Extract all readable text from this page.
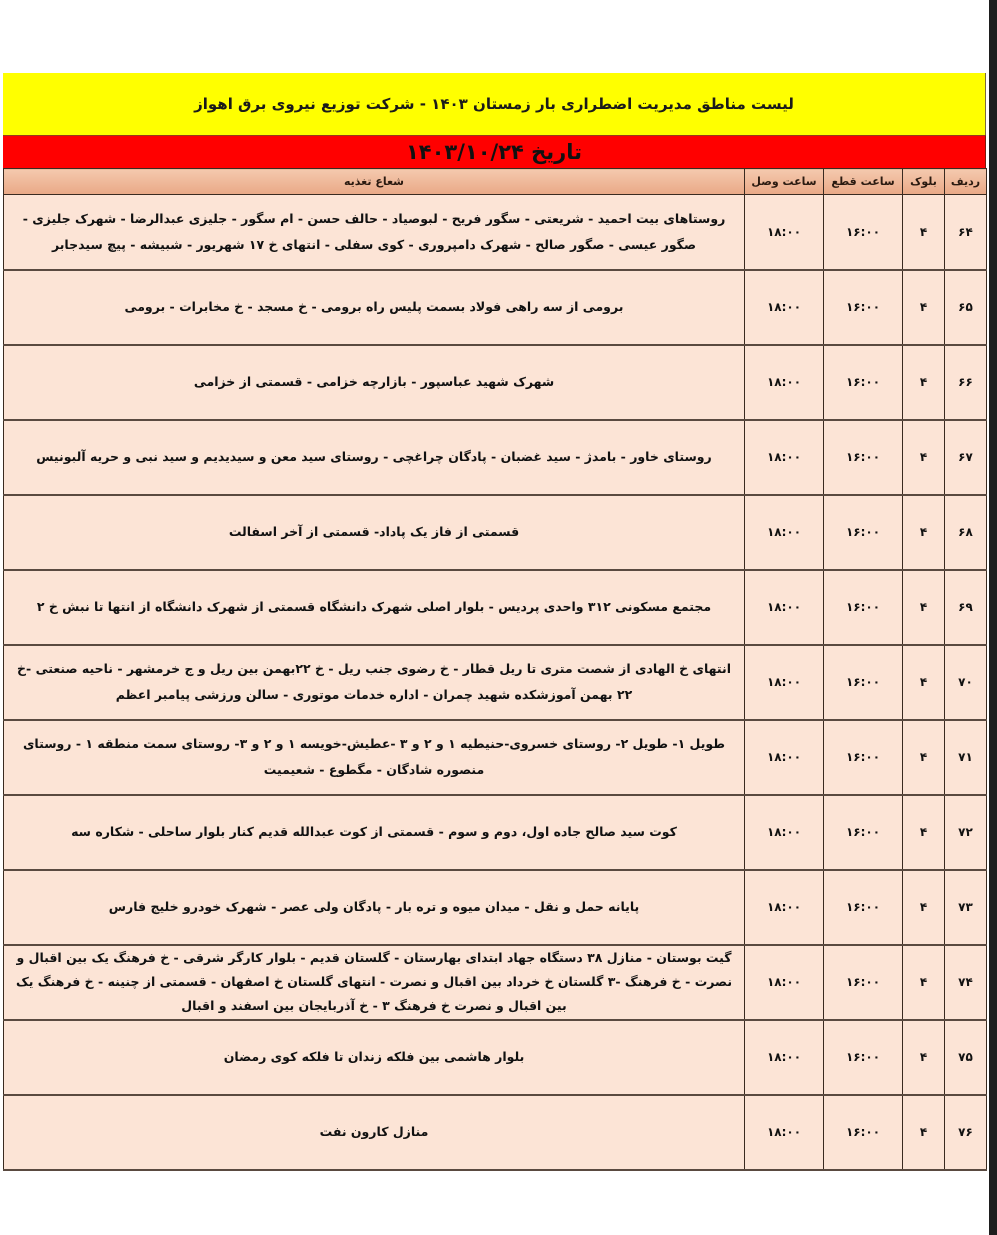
لیست مناطق مدیریت اضطراری بار زمستان ۱۴۰۳ - شرکت توزیع نیروی برق اهواز
تاریخ ۱۴۰۳/۱۰/۲۴
ردیف	بلوک	ساعت قطع	ساعت وصل	شعاع تغذیه
۶۴	۴	۱۶:۰۰	۱۸:۰۰	روستاهای بیت احمید - شریعتی - سگور فریح - لبوصیاد - حالف حسن - ام سگور - جلیزی عبدالرضا - شهرک جلیزی - صگور عیسی - صگور صالح - شهرک دامپروری - کوی سفلی - انتهای خ ۱۷ شهریور - شبیشه - پیچ سیدجابر
۶۵	۴	۱۶:۰۰	۱۸:۰۰	برومی از سه راهی فولاد بسمت پلیس راه برومی - خ مسجد - خ مخابرات - برومی
۶۶	۴	۱۶:۰۰	۱۸:۰۰	شهرک شهید عباسپور - بازارچه خزامی - قسمتی از خزامی
۶۷	۴	۱۶:۰۰	۱۸:۰۰	روستای خاور - بامدژ - سید غضبان - پادگان چراغچی - روستای سید معن و سیدیدیم و سید نبی و حریه آلبونیس
۶۸	۴	۱۶:۰۰	۱۸:۰۰	قسمتی از فاز یک پاداد- قسمتی از آخر اسفالت
۶۹	۴	۱۶:۰۰	۱۸:۰۰	مجتمع مسکونی ۳۱۲ واحدی پردیس - بلوار اصلی شهرک دانشگاه قسمتی از شهرک دانشگاه از انتها تا نبش خ ۲
۷۰	۴	۱۶:۰۰	۱۸:۰۰	انتهای خ الهادی از شصت متری تا ریل قطار - خ رضوی جنب ریل - خ ۲۲بهمن بین ریل و ج خرمشهر - ناحیه صنعتی -خ ۲۲ بهمن آموزشکده شهید چمران - اداره خدمات موتوری - سالن ورزشی پیامبر اعظم
۷۱	۴	۱۶:۰۰	۱۸:۰۰	طویل ۱- طویل ۲- روستای خسروی-حنیطیه ۱ و ۲ و ۳ -عطیش-خویسه ۱ و ۲ و ۳- روستای سمت منطقه ۱ - روستای منصوره شادگان - مگطوع - شعیمیت
۷۲	۴	۱۶:۰۰	۱۸:۰۰	کوت سید صالح جاده اول، دوم و سوم - قسمتی از کوت عبدالله قدیم کنار بلوار ساحلی - شکاره سه
۷۳	۴	۱۶:۰۰	۱۸:۰۰	پایانه حمل و نقل - میدان میوه و تره بار - پادگان ولی عصر - شهرک خودرو خلیج فارس
۷۴	۴	۱۶:۰۰	۱۸:۰۰	گیت بوستان - منازل ۳۸ دستگاه جهاد ابتدای بهارستان - گلستان قدیم - بلوار کارگر شرقی - خ فرهنگ یک بین اقبال و نصرت - خ فرهنگ -۳ گلستان خ خرداد بین اقبال و نصرت - انتهای گلستان خ اصفهان - قسمتی از چنینه - خ فرهنگ یک بین اقبال و نصرت خ فرهنگ ۳ - خ آذربایجان بین اسفند و اقبال
۷۵	۴	۱۶:۰۰	۱۸:۰۰	بلوار هاشمی بین فلکه زندان تا فلکه کوی رمضان
۷۶	۴	۱۶:۰۰	۱۸:۰۰	منازل کارون نفت
